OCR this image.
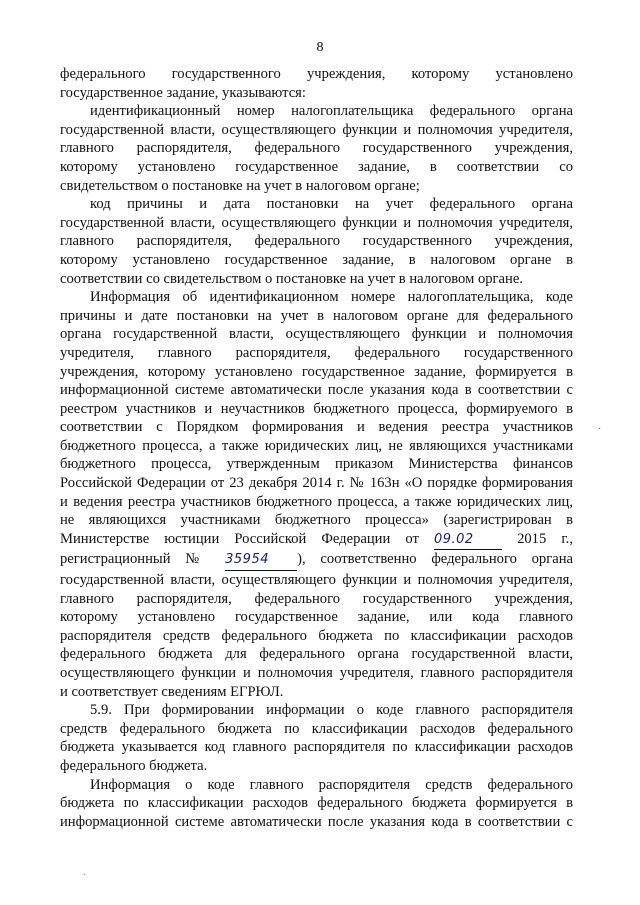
8

федерального государственного учреждения, которому установлено

государственное задание, указываются:

идентификационный номер налогоплательщика федерального органа

государственной власти, осуществляющего функции и полномочия учредителя,

главного распорядителя, федерального государственного учреждения,

которому установлено государственное задание, в соответствии со

свидетельством о постановке на учет в налоговом органе;

код причины и дата постановки на учет федерального органа

государственной власти, осуществляющего функции и полномочия учредителя,

главного распорядителя, федерального государственного учреждения,

которому установлено государственное задание, в налоговом органе в

соответствии со свидетельством о постановке на учет в налоговом органе.

Информация об идентификационном номере налогоплательщика, коде

причины и дате постановки на учет в налоговом органе для федерального

органа государственной власти, осуществляющего функции и полномочия

учредителя, главного распорядителя, федерального государственного

учреждения, которому установлено государственное задание, формируется в

информационной системе автоматически после указания кода в соответствии с

реестром участников и неучастников бюджетного процесса, формируемого в

соответствии с Порядком формирования и ведения реестра участников

бюджетного процесса, а также юридических лиц, не являющихся участниками

бюджетного процесса, утвержденным приказом Министерства финансов

Российской Федерации от 23 декабря 2014 г. № 163н «О порядке формирования

и ведения реестра участников бюджетного процесса, а также юридических лиц,

не являющихся участниками бюджетного процесса» (зарегистрирован в

Министерстве юстиции Российской Федерации от 09.02	2015 г.,

регистрационный № 35954 ), соответственно федерального органа

государственной власти, осуществляющего функции и полномочия учредителя,

главного распорядителя, федерального государственного учреждения,

которому установлено государственное задание, или кода главного

распорядителя средств федерального бюджета по классификации расходов

федерального бюджета для федерального органа государственной власти,

осуществляющего функции и полномочия учредителя, главного распорядителя

и соответствует сведениям ЕГРЮЛ.

5.9. При формировании информации о коде главного распорядителя

средств федерального бюджета по классификации расходов федерального

бюджета указывается код главного распорядителя по классификации расходов

федерального бюджета.

Информация о коде главного распорядителя средств федерального

бюджета по классификации расходов федерального бюджета формируется в

информационной системе автоматически после указания кода в соответствии с

·
·
